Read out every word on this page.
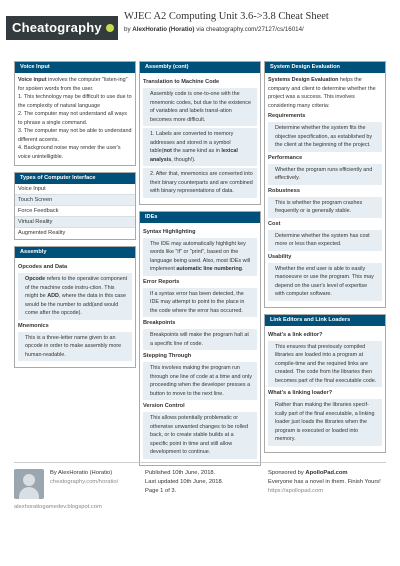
Cheatography
WJEC A2 Computing Unit 3.6->3.8 Cheat Sheet
by AlexHoratio (Horatio) via cheatography.com/27127/cs/16014/
Voice Input
Voice input involves the computer "listen-ing" for spoken words from the user.
1. This technology may be difficult to use due to the complexity of natural language
2. The computer may not understand all ways to phrase a single command.
3. The computer may not be able to understand different accents.
4. Background noise may render the user's voice unintelligible.
Types of Computer Interface
Voice Input
Touch Screen
Force Feedback
Virtual Reality
Augmented Reality
Assembly
Opcodes and Data
Opcode refers to the operative component of the machine code instru-ction. This might be ADD, where the data in this case would be the number to add(and would come after the opcode).
Mnemonics
This is a three-letter name given to an opcode in order to make assembly more human-readable.
Assembly (cont)
Translation to Machine Code
Assembly code is one-to-one with the mnemonic codes, but due to the existence of variables and labels transl-ation becomes more difficult.
1. Labels are converted to memory addresses and stored in a symbol table(not the same kind as in lexical analysis, though!).
2. After that, mnemonics are converted into their binary counterparts and are combined with binary representations of data.
IDEs
Syntax Highlighting
The IDE may automatically highlight key words like "if" or "print", based on the language being used. Also, most IDEs will implement automatic line numbering.
Error Reports
If a syntax error has been detected, the IDE may attempt to point to the place in the code where the error has occurred.
Breakpoints
Breakpoints will make the program halt at a specific line of code.
Stepping Through
This involves making the program run through one line of code at a time and only proceeding when the developer presses a button to move to the next line.
Version Control
This allows potentially problematic or otherwise unwanted changes to be rolled back, or to create stable builds at a specific point in time and still allow development to continue.
System Design Evaluation
Systems Design Evaluation helps the company and client to determine whether the project was a success. This involves considering many criteria:
Requirements
Determine whether the system fits the objective specification, as established by the client at the beginning of the project.
Performance
Whether the program runs efficiently and effectively.
Robustness
This is whether the program crashes frequently or is generally stable.
Cost
Determine whether the system has cost more or less than expected.
Usability
Whether the end user is able to easily manoeuvre or use the program. This may depend on the user's level of expertise with computer software.
Link Editors and Link Loaders
What's a link editor?
This ensures that previously compiled libraries are loaded into a program at compile-time and the required links are created. The code from the libraries then becomes part of the final executable code.
What's a linking loader?
Rather than making the libraries specif-ically part of the final executable, a linking loader just loads the libraries when the program is executed or loaded into memory.
By AlexHoratio (Horatio)
cheatography.com/horatio/
alexhoratiogamedev.blogspot.com
Published 10th June, 2018.
Last updated 10th June, 2018.
Page 1 of 3.
Sponsored by ApolloPad.com
Everyone has a novel in them. Finish Yours!
https://apollopad.com
